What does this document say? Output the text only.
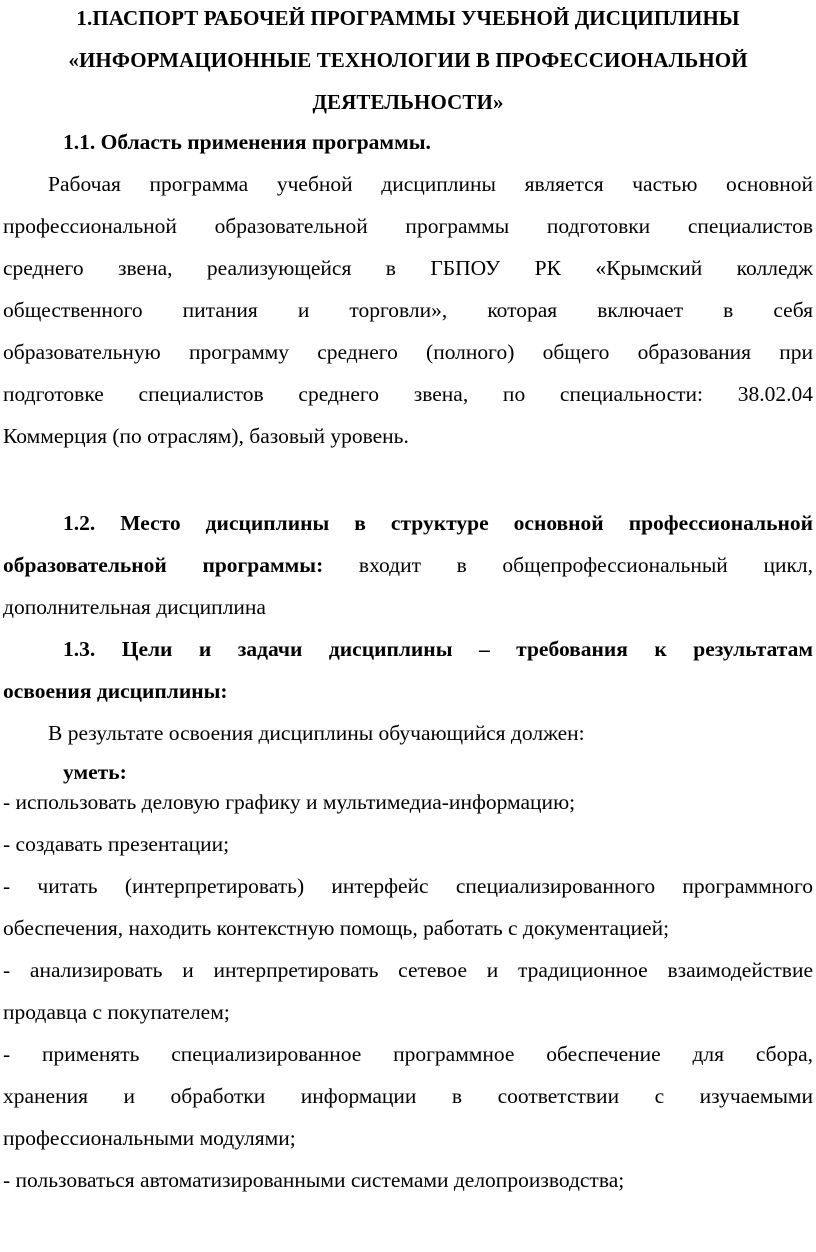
1.ПАСПОРТ РАБОЧЕЙ ПРОГРАММЫ УЧЕБНОЙ ДИСЦИПЛИНЫ
«ИНФОРМАЦИОННЫЕ ТЕХНОЛОГИИ В ПРОФЕССИОНАЛЬНОЙ
ДЕЯТЕЛЬНОСТИ»
1.1. Область применения программы.
Рабочая программа учебной дисциплины является частью основной
профессиональной образовательной программы подготовки специалистов
среднего звена, реализующейся в ГБПОУ РК «Крымский колледж
общественного питания и торговли», которая включает в себя
образовательную программу среднего (полного) общего образования при
подготовке специалистов среднего звена, по специальности: 38.02.04
Коммерция (по отраслям), базовый уровень.
1.2. Место дисциплины в структуре основной профессиональной
образовательной программы: входит в общепрофессиональный цикл,
дополнительная дисциплина
1.3. Цели и задачи дисциплины – требования к результатам
освоения дисциплины:
В результате освоения дисциплины обучающийся должен:
уметь:
- использовать деловую графику и мультимедиа-информацию;
- создавать презентации;
- читать (интерпретировать) интерфейс специализированного программного
обеспечения, находить контекстную помощь, работать с документацией;
- анализировать и интерпретировать сетевое и традиционное взаимодействие
продавца с покупателем;
- применять специализированное программное обеспечение для сбора,
хранения и обработки информации в соответствии с изучаемыми
профессиональными модулями;
- пользоваться автоматизированными системами делопроизводства;
